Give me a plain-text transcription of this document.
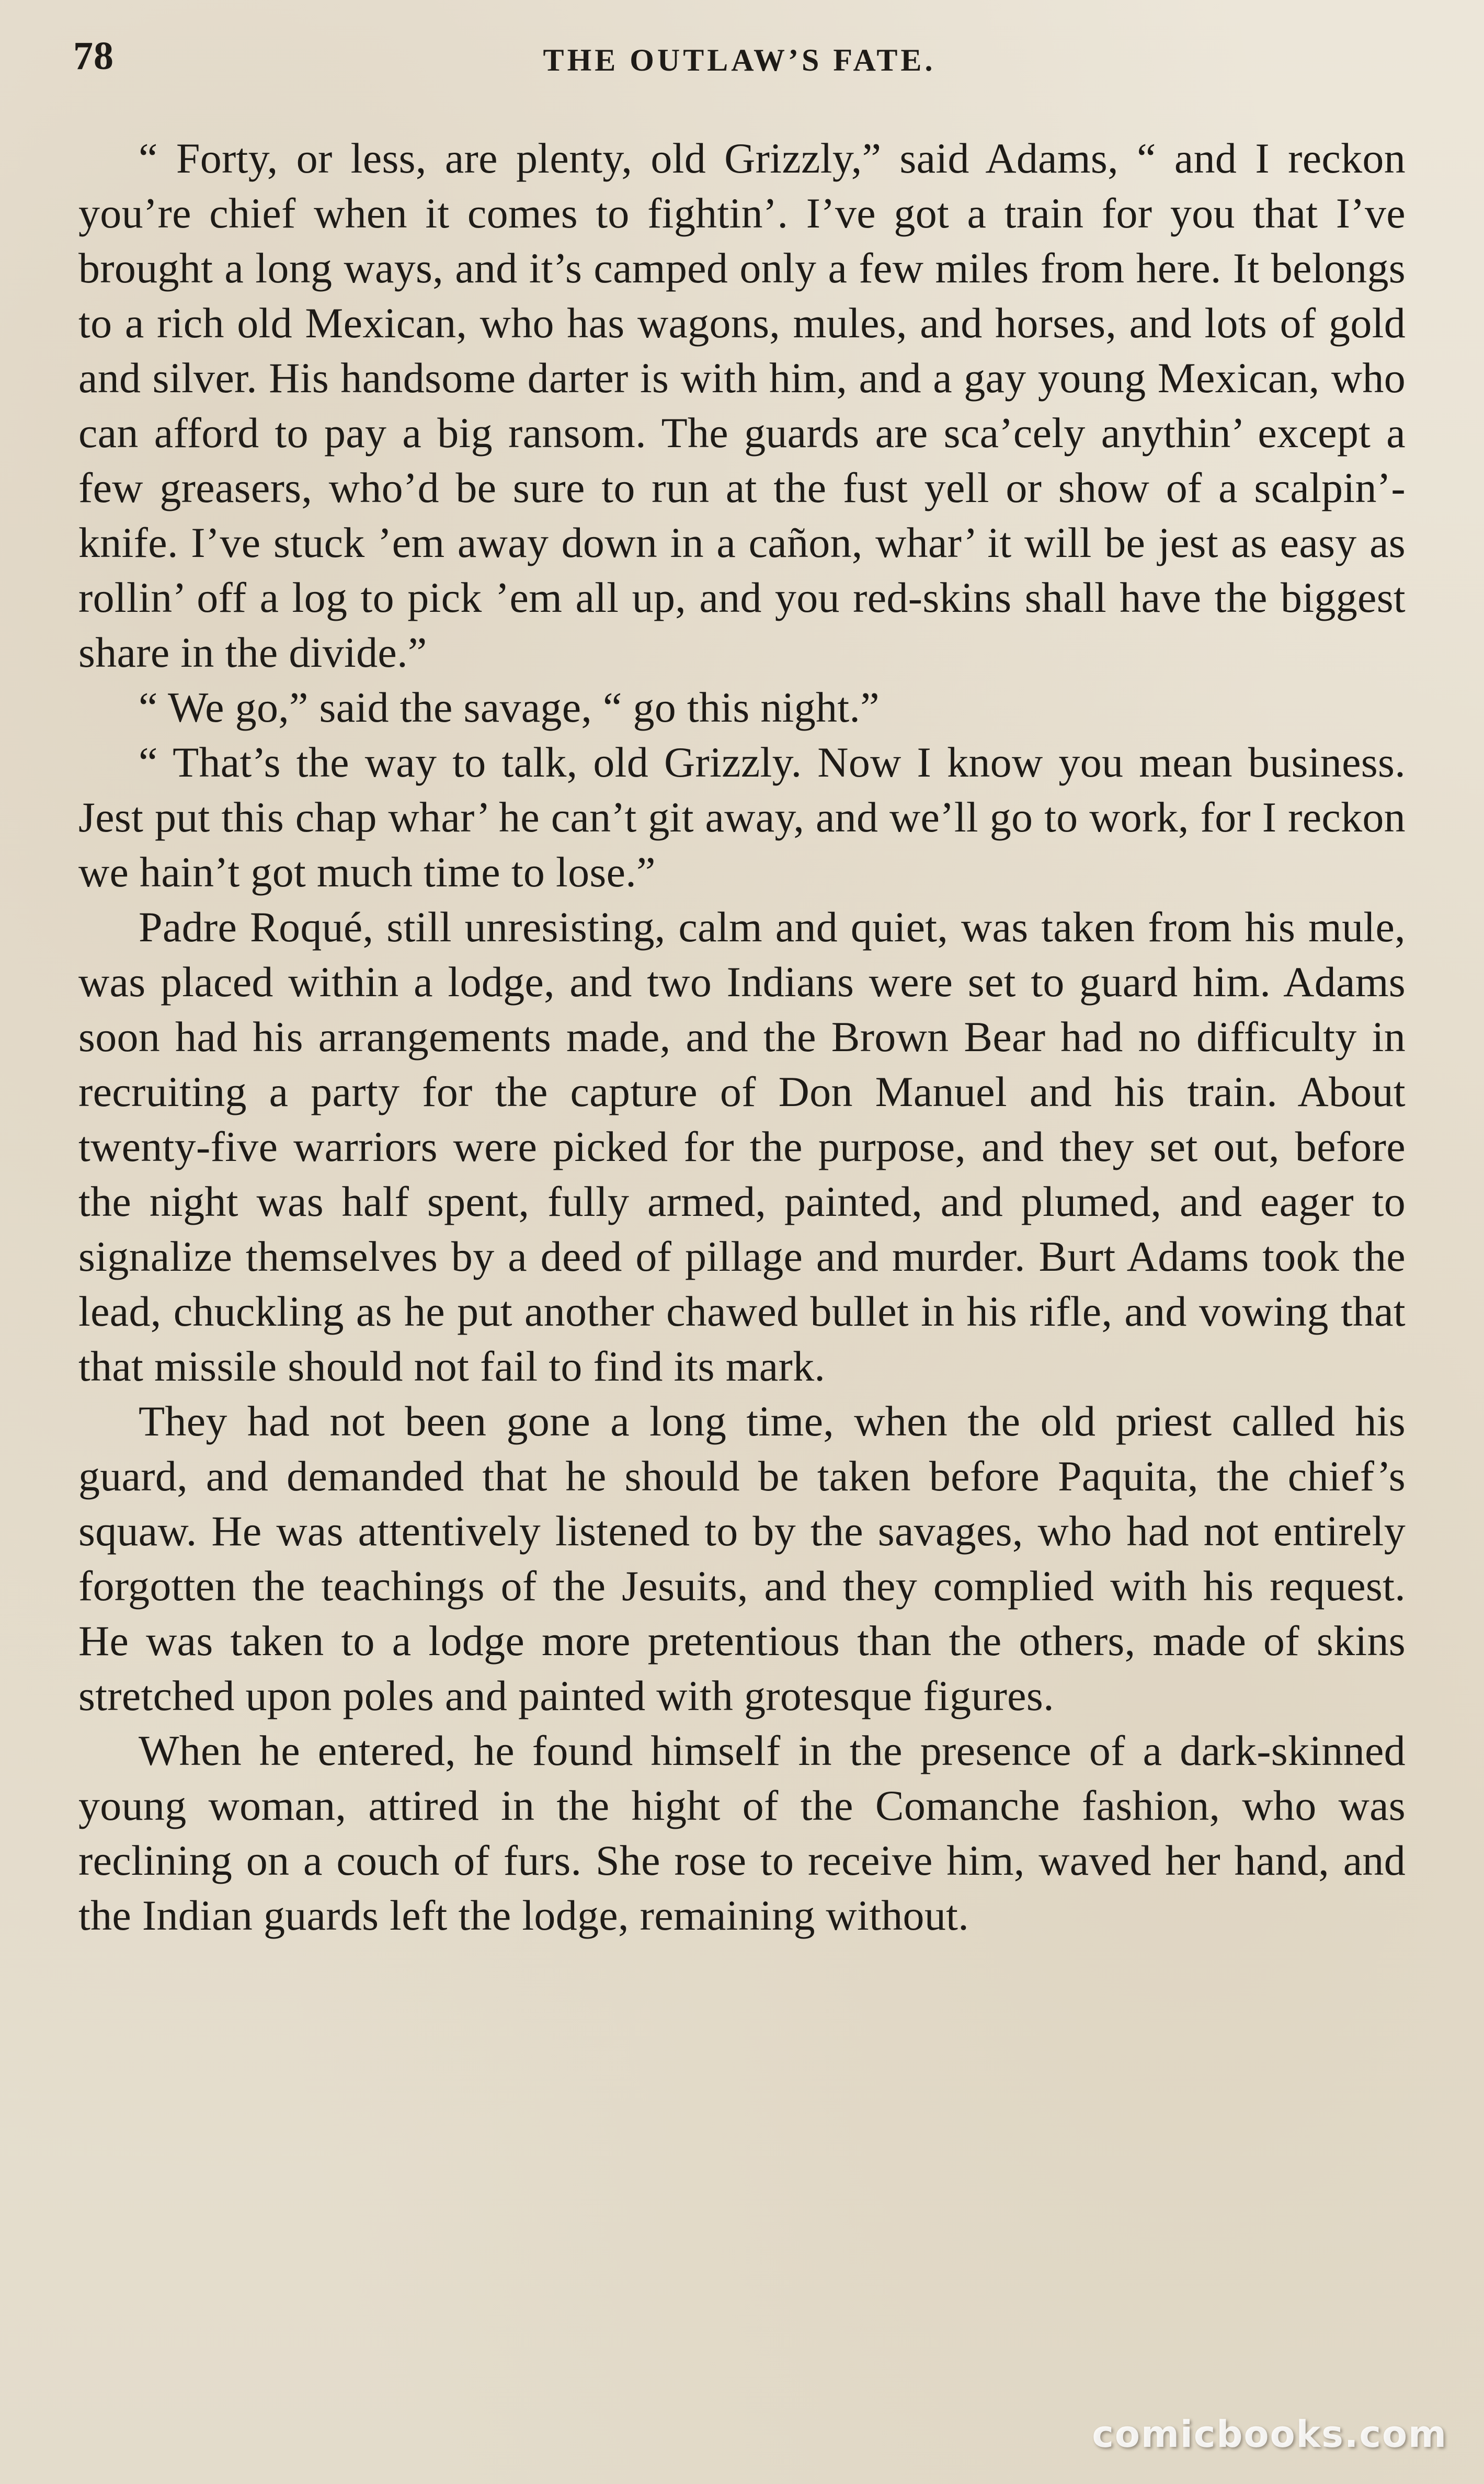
78	THE OUTLAW’S FATE.

“ Forty, or less, are plenty, old Grizzly,” said Adams, “ and I reckon you’re chief when it comes to fightin’. I’ve got a train for you that I’ve brought a long ways, and it’s camped only a few miles from here. It belongs to a rich old Mexican, who has wagons, mules, and horses, and lots of gold and silver. His handsome darter is with him, and a gay young Mexican, who can afford to pay a big ransom. The guards are sca’cely anythin’ except a few greasers, who’d be sure to run at the fust yell or show of a scalpin’-knife. I’ve stuck ’em away down in a cañon, whar’ it will be jest as easy as rollin’ off a log to pick ’em all up, and you red-skins shall have the biggest share in the divide.”

“ We go,” said the savage, “ go this night.”

“ That’s the way to talk, old Grizzly. Now I know you mean business. Jest put this chap whar’ he can’t git away, and we’ll go to work, for I reckon we hain’t got much time to lose.”

Padre Roqué, still unresisting, calm and quiet, was taken from his mule, was placed within a lodge, and two Indians were set to guard him. Adams soon had his arrangements made, and the Brown Bear had no difficulty in recruiting a party for the capture of Don Manuel and his train. About twenty-five warriors were picked for the purpose, and they set out, before the night was half spent, fully armed, painted, and plumed, and eager to signalize themselves by a deed of pillage and murder. Burt Adams took the lead, chuckling as he put another chawed bullet in his rifle, and vowing that that missile should not fail to find its mark.

They had not been gone a long time, when the old priest called his guard, and demanded that he should be taken before Paquita, the chief’s squaw. He was attentively listened to by the savages, who had not entirely forgotten the teachings of the Jesuits, and they complied with his request. He was taken to a lodge more pretentious than the others, made of skins stretched upon poles and painted with grotesque figures.

When he entered, he found himself in the presence of a dark-skinned young woman, attired in the hight of the Comanche fashion, who was reclining on a couch of furs. She rose to receive him, waved her hand, and the Indian guards left the lodge, remaining without.

comicbooks.com
